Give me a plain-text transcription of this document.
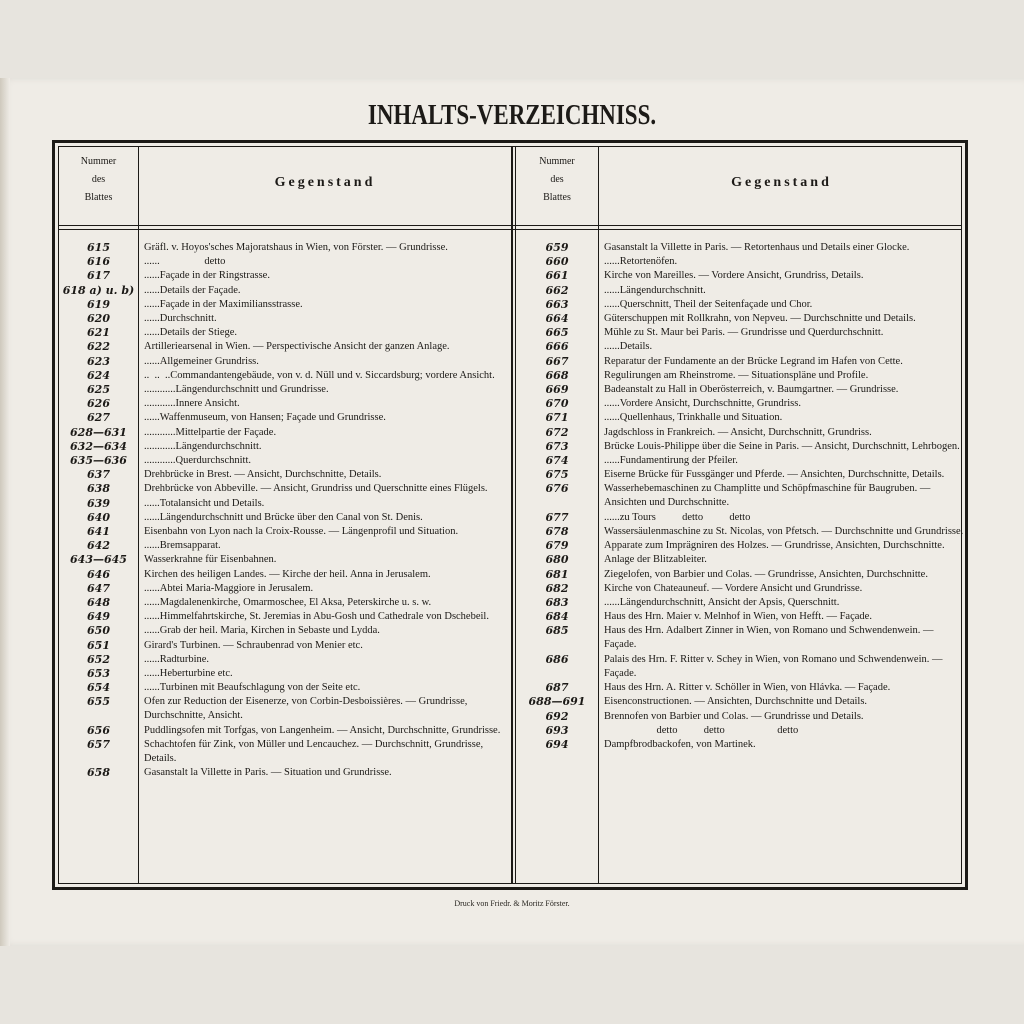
INHALTS-VERZEICHNISS.
Nummer
des
Blattes
Gegenstand
Nummer
des
Blattes
Gegenstand
615	Gräfl. v. Hoyos'sches Majoratshaus in Wien, von Förster. — Grundrisse.
616	......                 detto
617	......Façade in der Ringstrasse.
618 a) u. b) ......Details der Façade.
619	......Façade in der Maximiliansstrasse.
620	......Durchschnitt.
621	......Details der Stiege.
622	Artilleriearsenal in Wien. — Perspectivische Ansicht der ganzen Anlage.
623	......Allgemeiner Grundriss.
624	..  ..  ..Commandantengebäude, von v. d. Nüll und v. Siccardsburg; vordere Ansicht.
625	............Längendurchschnitt und Grundrisse.
626	............Innere Ansicht.
627	......Waffenmuseum, von Hansen; Façade und Grundrisse.
628—631	............Mittelpartie der Façade.
632—634	............Längendurchschnitt.
635—636	............Querdurchschnitt.
637	Drehbrücke in Brest. — Ansicht, Durchschnitte, Details.
638	Drehbrücke von Abbeville. — Ansicht, Grundriss und Querschnitte eines Flügels.
639	......Totalansicht und Details.
640	......Längendurchschnitt und Brücke über den Canal von St. Denis.
641	Eisenbahn von Lyon nach la Croix-Rousse. — Längenprofil und Situation.
642	......Bremsapparat.
643—645	Wasserkrahne für Eisenbahnen.
646	Kirchen des heiligen Landes. — Kirche der heil. Anna in Jerusalem.
647	......Abtei Maria-Maggiore in Jerusalem.
648	......Magdalenenkirche, Omarmoschee, El Aksa, Peterskirche u. s. w.
649	......Himmelfahrtskirche, St. Jeremias in Abu-Gosh und Cathedrale von Dschebeil.
650	......Grab der heil. Maria, Kirchen in Sebaste und Lydda.
651	Girard's Turbinen. — Schraubenrad von Menier etc.
652	......Radturbine.
653	......Heberturbine etc.
654	......Turbinen mit Beaufschlagung von der Seite etc.
655	Ofen zur Reduction der Eisenerze, von Corbin-Desboissières. — Grundrisse, Durchschnitte, Ansicht.
656	Puddlingsofen mit Torfgas, von Langenheim. — Ansicht, Durchschnitte, Grundrisse.
657	Schachtofen für Zink, von Müller und Lencauchez. — Durchschnitt, Grundrisse, Details.
658	Gasanstalt la Villette in Paris. — Situation und Grundrisse.
659	Gasanstalt la Villette in Paris. — Retortenhaus und Details einer Glocke.
660	......Retortenöfen.
661	Kirche von Mareilles. — Vordere Ansicht, Grundriss, Details.
662	......Längendurchschnitt.
663	......Querschnitt, Theil der Seitenfaçade und Chor.
664	Güterschuppen mit Rollkrahn, von Nepveu. — Durchschnitte und Details.
665	Mühle zu St. Maur bei Paris. — Grundrisse und Querdurchschnitt.
666	......Details.
667	Reparatur der Fundamente an der Brücke Legrand im Hafen von Cette.
668	Regulirungen am Rheinstrome. — Situationspläne und Profile.
669	Badeanstalt zu Hall in Oberösterreich, v. Baumgartner. — Grundrisse.
670	......Vordere Ansicht, Durchschnitte, Grundriss.
671	......Quellenhaus, Trinkhalle und Situation.
672	Jagdschloss in Frankreich. — Ansicht, Durchschnitt, Grundriss.
673	Brücke Louis-Philippe über die Seine in Paris. — Ansicht, Durchschnitt, Lehrbogen.
674	......Fundamentirung der Pfeiler.
675	Eiserne Brücke für Fussgänger und Pferde. — Ansichten, Durchschnitte, Details.
676	Wasserhebemaschinen zu Champlitte und Schöpfmaschine für Baugruben. — Ansichten und Durchschnitte.
677	......zu Tours          detto          detto
678	Wassersäulenmaschine zu St. Nicolas, von Pfetsch. — Durchschnitte und Grundrisse.
679	Apparate zum Imprägniren des Holzes. — Grundrisse, Ansichten, Durchschnitte.
680	Anlage der Blitzableiter.
681	Ziegelofen, von Barbier und Colas. — Grundrisse, Ansichten, Durchschnitte.
682	Kirche von Chateauneuf. — Vordere Ansicht und Grundrisse.
683	......Längendurchschnitt, Ansicht der Apsis, Querschnitt.
684	Haus des Hrn. Maier v. Melnhof in Wien, von Hefft. — Façade.
685	Haus des Hrn. Adalbert Zinner in Wien, von Romano und Schwendenwein. — Façade.
686	Palais des Hrn. F. Ritter v. Schey in Wien, von Romano und Schwendenwein. — Façade.
687	Haus des Hrn. A. Ritter v. Schöller in Wien, von Hlávka. — Façade.
688—691	Eisenconstructionen. — Ansichten, Durchschnitte und Details.
692	Brennofen von Barbier und Colas. — Grundrisse und Details.
693	detto          detto                    detto
694	Dampfbrodbackofen, von Martinek.
Druck von Friedr. & Moritz Förster.
